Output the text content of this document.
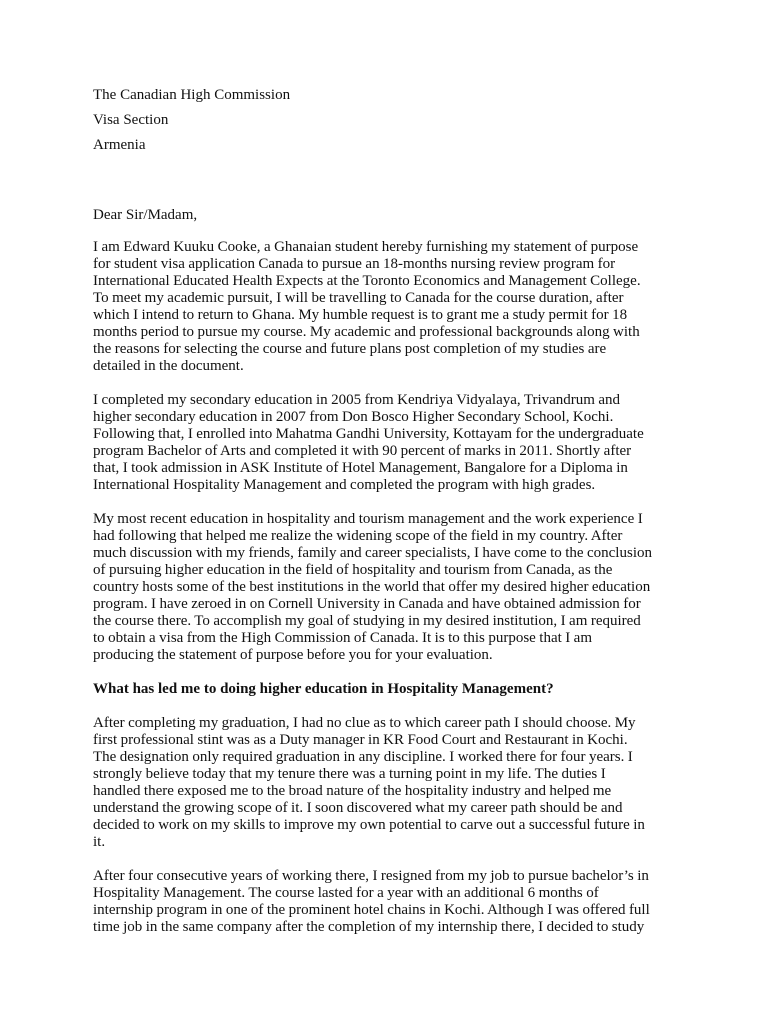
The Canadian High Commission
Visa Section
Armenia
Dear Sir/Madam,
I am Edward Kuuku Cooke, a Ghanaian student hereby furnishing my statement of purpose
for student visa application Canada to pursue an 18-months nursing review program for
International Educated Health Expects at the Toronto Economics and Management College.
To meet my academic pursuit, I will be travelling to Canada for the course duration, after
which I intend to return to Ghana. My humble request is to grant me a study permit for 18
months period to pursue my course. My academic and professional backgrounds along with
the reasons for selecting the course and future plans post completion of my studies are
detailed in the document.
I completed my secondary education in 2005 from Kendriya Vidyalaya, Trivandrum and
higher secondary education in 2007 from Don Bosco Higher Secondary School, Kochi.
Following that, I enrolled into Mahatma Gandhi University, Kottayam for the undergraduate
program Bachelor of Arts and completed it with 90 percent of marks in 2011. Shortly after
that, I took admission in ASK Institute of Hotel Management, Bangalore for a Diploma in
International Hospitality Management and completed the program with high grades.
My most recent education in hospitality and tourism management and the work experience I
had following that helped me realize the widening scope of the field in my country. After
much discussion with my friends, family and career specialists, I have come to the conclusion
of pursuing higher education in the field of hospitality and tourism from Canada, as the
country hosts some of the best institutions in the world that offer my desired higher education
program. I have zeroed in on Cornell University in Canada and have obtained admission for
the course there. To accomplish my goal of studying in my desired institution, I am required
to obtain a visa from the High Commission of Canada. It is to this purpose that I am
producing the statement of purpose before you for your evaluation.
What has led me to doing higher education in Hospitality Management?
After completing my graduation, I had no clue as to which career path I should choose. My
first professional stint was as a Duty manager in KR Food Court and Restaurant in Kochi.
The designation only required graduation in any discipline. I worked there for four years. I
strongly believe today that my tenure there was a turning point in my life. The duties I
handled there exposed me to the broad nature of the hospitality industry and helped me
understand the growing scope of it. I soon discovered what my career path should be and
decided to work on my skills to improve my own potential to carve out a successful future in
it.
After four consecutive years of working there, I resigned from my job to pursue bachelor’s in
Hospitality Management. The course lasted for a year with an additional 6 months of
internship program in one of the prominent hotel chains in Kochi. Although I was offered full
time job in the same company after the completion of my internship there, I decided to study
